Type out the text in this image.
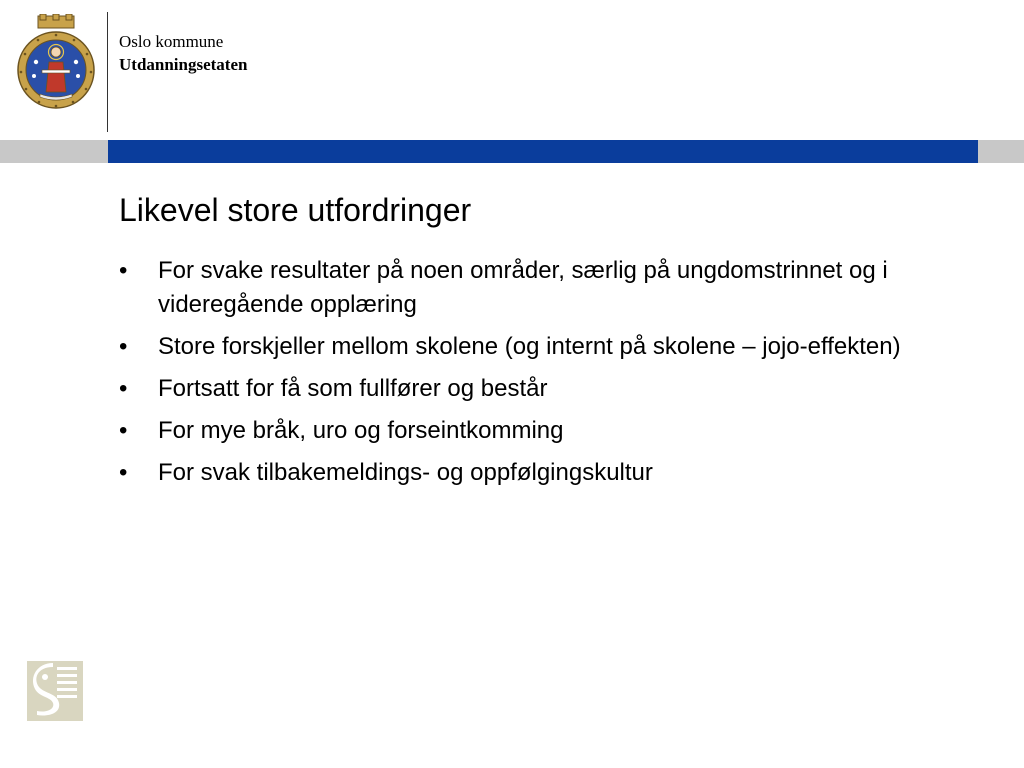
Oslo kommune
Utdanningsetaten
Likevel store utfordringer
• For svake resultater på noen områder, særlig på ungdomstrinnet og i videregående opplæring
• Store forskjeller mellom skolene (og internt på skolene – jojo-effekten)
• Fortsatt for få som fullfører og består
• For mye bråk, uro og forseintkomming
• For svak tilbakemeldings- og oppfølgingskultur
